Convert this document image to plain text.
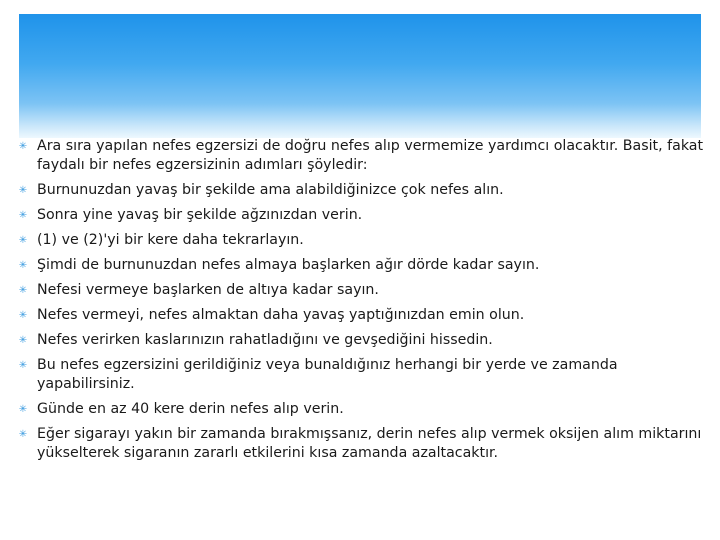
✳ Ara sıra yapılan nefes egzersizi de doğru nefes alıp vermemize yardımcı olacaktır. Basit, fakat faydalı bir nefes egzersizinin adımları şöyledir:
✳ Burnunuzdan yavaş bir şekilde ama alabildiğinizce çok nefes alın.
✳ Sonra yine yavaş bir şekilde ağzınızdan verin.
✳ (1) ve (2)'yi bir kere daha tekrarlayın.
✳ Şimdi de burnunuzdan nefes almaya başlarken ağır dörde kadar sayın.
✳ Nefesi vermeye başlarken de altıya kadar sayın.
✳ Nefes vermeyi, nefes almaktan daha yavaş yaptığınızdan emin olun.
✳ Nefes verirken kaslarınızın rahatladığını ve gevşediğini hissedin.
✳ Bu nefes egzersizini gerildiğiniz veya bunaldığınız herhangi bir yerde ve zamanda yapabilirsiniz.
✳ Günde en az 40 kere derin nefes alıp verin.
✳ Eğer sigarayı yakın bir zamanda bırakmışsanız, derin nefes alıp vermek oksijen alım miktarını yükselterek sigaranın zararlı etkilerini kısa zamanda azaltacaktır.
